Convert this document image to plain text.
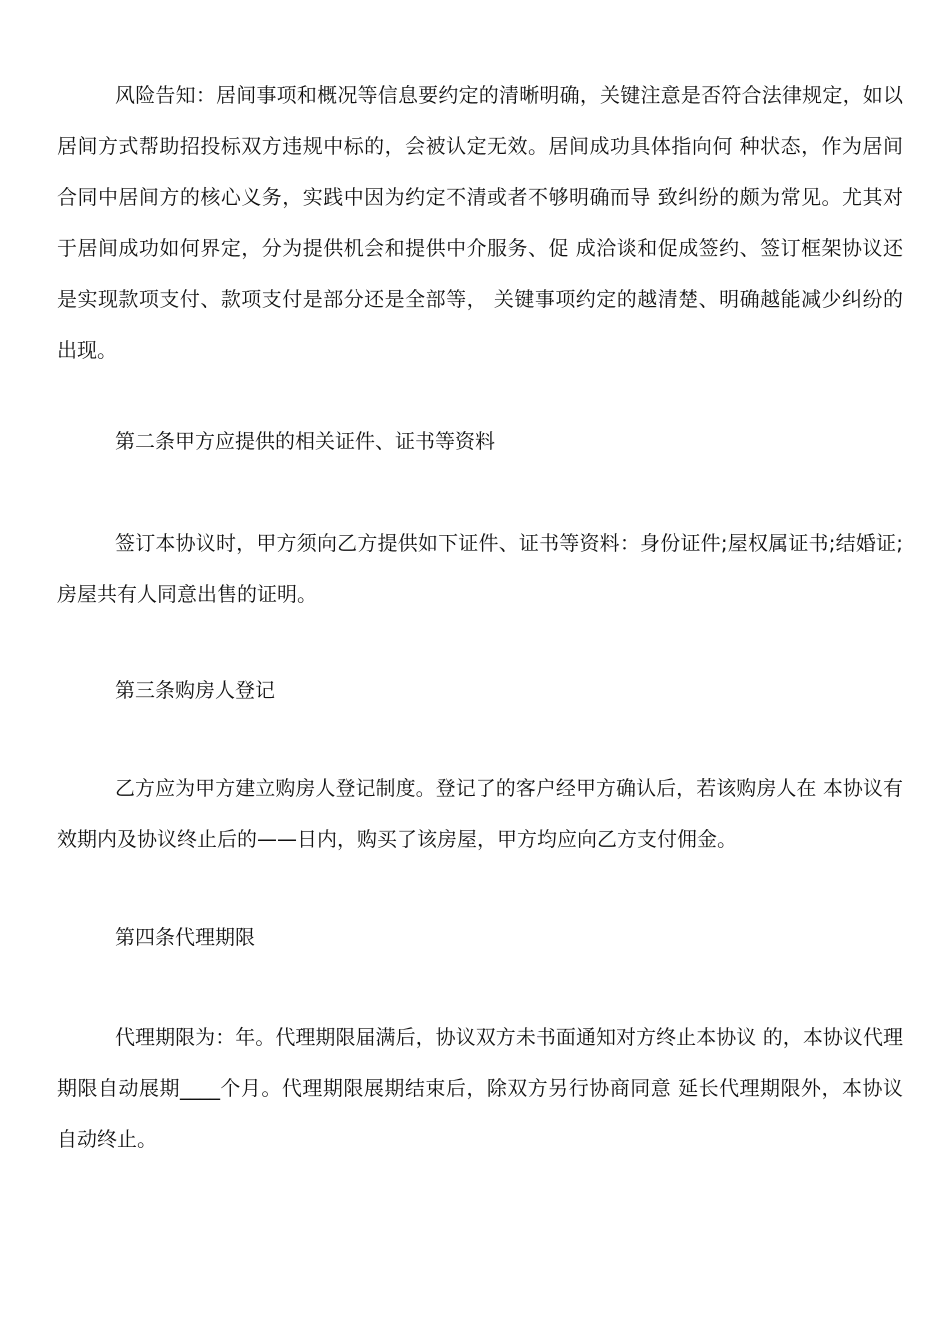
风险告知：居间事项和概况等信息要约定的清晰明确，关键注意是否符合法律规定，如以居间方式帮助招投标双方违规中标的，会被认定无效。居间成功具体指向何 种状态，作为居间合同中居间方的核心义务，实践中因为约定不清或者不够明确而导 致纠纷的颇为常见。尤其对于居间成功如何界定，分为提供机会和提供中介服务、促 成洽谈和促成签约、签订框架协议还是实现款项支付、款项支付是部分还是全部等， 关键事项约定的越清楚、明确越能减少纠纷的出现。

第二条甲方应提供的相关证件、证书等资料

签订本协议时，甲方须向乙方提供如下证件、证书等资料：身份证件;屋权属证书;结婚证;房屋共有人同意出售的证明。

第三条购房人登记

乙方应为甲方建立购房人登记制度。登记了的客户经甲方确认后，若该购房人在 本协议有效期内及协议终止后的——日内，购买了该房屋，甲方均应向乙方支付佣金。

第四条代理期限

代理期限为：年。代理期限届满后，协议双方未书面通知对方终止本协议 的，本协议代理期限自动展期____个月。代理期限展期结束后，除双方另行协商同意 延长代理期限外，本协议自动终止。
